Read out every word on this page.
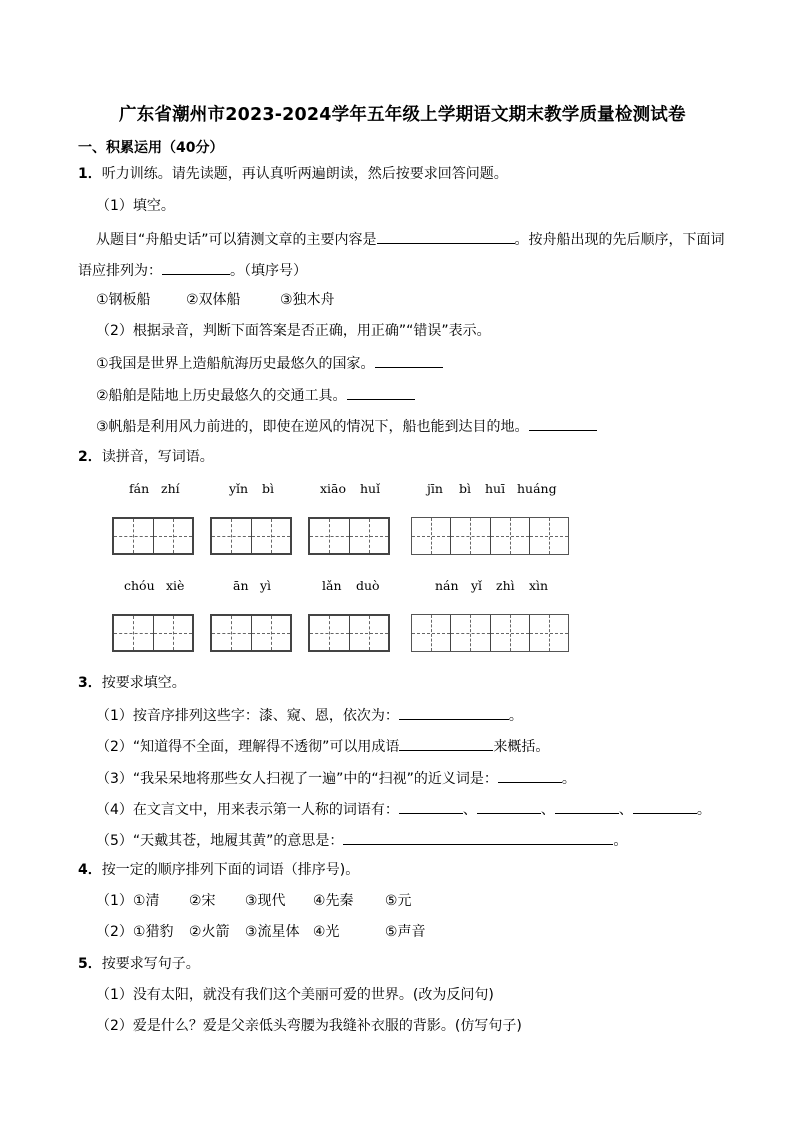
广东省潮州市2023-2024学年五年级上学期语文期末教学质量检测试卷
一、积累运用（40分）
1．听力训练。请先读题，再认真听两遍朗读，然后按要求回答问题。
（1）填空。
从题目“舟船史话”可以猜测文章的主要内容是	。按舟船出现的先后顺序，下面词
语应排列为：	。（填序号）
①钢板船	②双体船	③独木舟
（2）根据录音，判断下面答案是否正确，用正确”“错误”表示。
①我国是世界上造船航海历史最悠久的国家。
②船舶是陆地上历史最悠久的交通工具。
③帆船是利用风力前进的，即使在逆风的情况下，船也能到达目的地。
2．读拼音，写词语。
fán zhí	yǐn bì	xiāo huǐ	jīn bì huī huáng
chóu xiè	ān yì	lǎn duò	nán yǐ zhì xìn
3．按要求填空。
（1）按音序排列这些字：漆、窥、恩，依次为：	。
（2）“知道得不全面，理解得不透彻”可以用成语	来概括。
（3）“我呆呆地将那些女人扫视了一遍”中的“扫视”的近义词是：	。
（4）在文言文中，用来表示第一人称的词语有：	、	、	、	。
（5）“天戴其苍，地履其黄”的意思是：	。
4．按一定的顺序排列下面的词语（排序号)。
（1）①清 ②宋 ③现代 ④先秦 ⑤元
（2）①猎豹 ②火箭 ③流星体 ④光	⑤声音
5．按要求写句子。
（1）没有太阳，就没有我们这个美丽可爱的世界。(改为反问句)
（2）爱是什么？爱是父亲低头弯腰为我缝补衣服的背影。(仿写句子)
